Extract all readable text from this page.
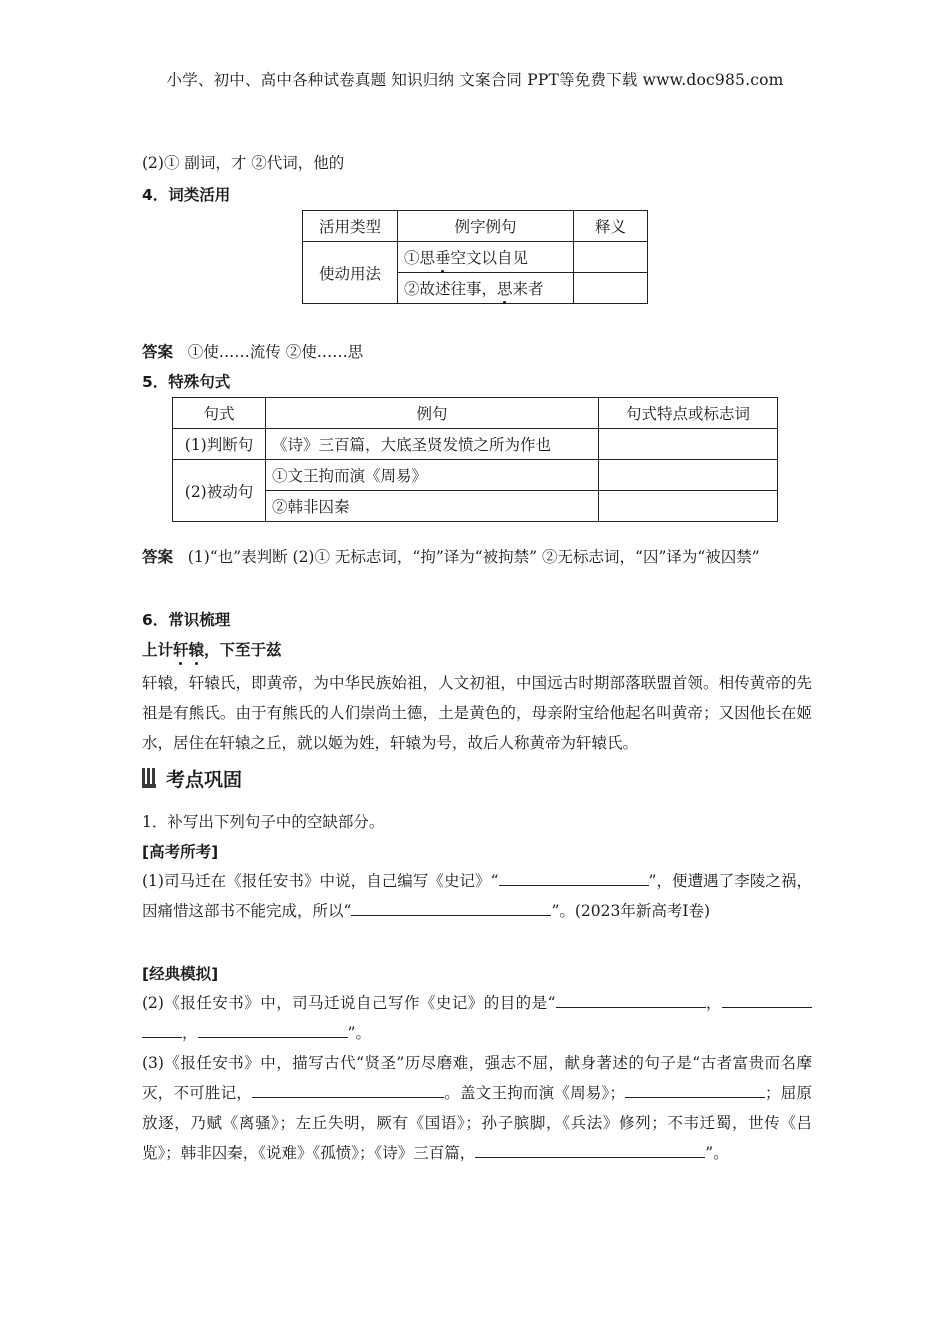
小学、初中、高中各种试卷真题 知识归纳 文案合同 PPT等免费下载 www.doc985.com
(2)① 副词，才 ②代词，他的
4．词类活用
活用类型	例字例句	释义
使动用法	①思垂空文以自见	
	②故述往事，思来者	
答案 ①使……流传 ②使……思
5．特殊句式
句式	例句	句式特点或标志词
(1)判断句	《诗》三百篇，大底圣贤发愤之所为作也	
(2)被动句	①文王拘而演《周易》	
	②韩非囚秦	
答案 (1)“也”表判断 (2)① 无标志词，“拘”译为“被拘禁” ②无标志词，“囚”译为“被囚禁”
6．常识梳理
上计轩辕，下至于兹
轩辕，轩辕氏，即黄帝，为中华民族始祖，人文初祖，中国远古时期部落联盟首领。相传黄帝的先祖是有熊氏。由于有熊氏的人们崇尚土德，土是黄色的，母亲附宝给他起名叫黄帝；又因他长在姬水，居住在轩辕之丘，就以姬为姓，轩辕为号，故后人称黄帝为轩辕氏。
考点巩固
1．补写出下列句子中的空缺部分。
[高考所考]
(1)司马迁在《报任安书》中说，自己编写《史记》“	”，便遭遇了李陵之祸，因痛惜这部书不能完成，所以“	”。(2023年新高考Ⅰ卷)
[经典模拟]
(2)《报任安书》中，司马迁说自己写作《史记》的目的是“	，，	”。
(3)《报任安书》中，描写古代“贤圣”历尽磨难，强志不屈，献身著述的句子是“古者富贵而名摩灭，不可胜记，	。盖文王拘而演《周易》；	；屈原放逐，乃赋《离骚》；左丘失明，厥有《国语》；孙子膑脚，《兵法》修列；不韦迁蜀，世传《吕览》；韩非囚秦，《说难》《孤愤》；《诗》三百篇，	”。
